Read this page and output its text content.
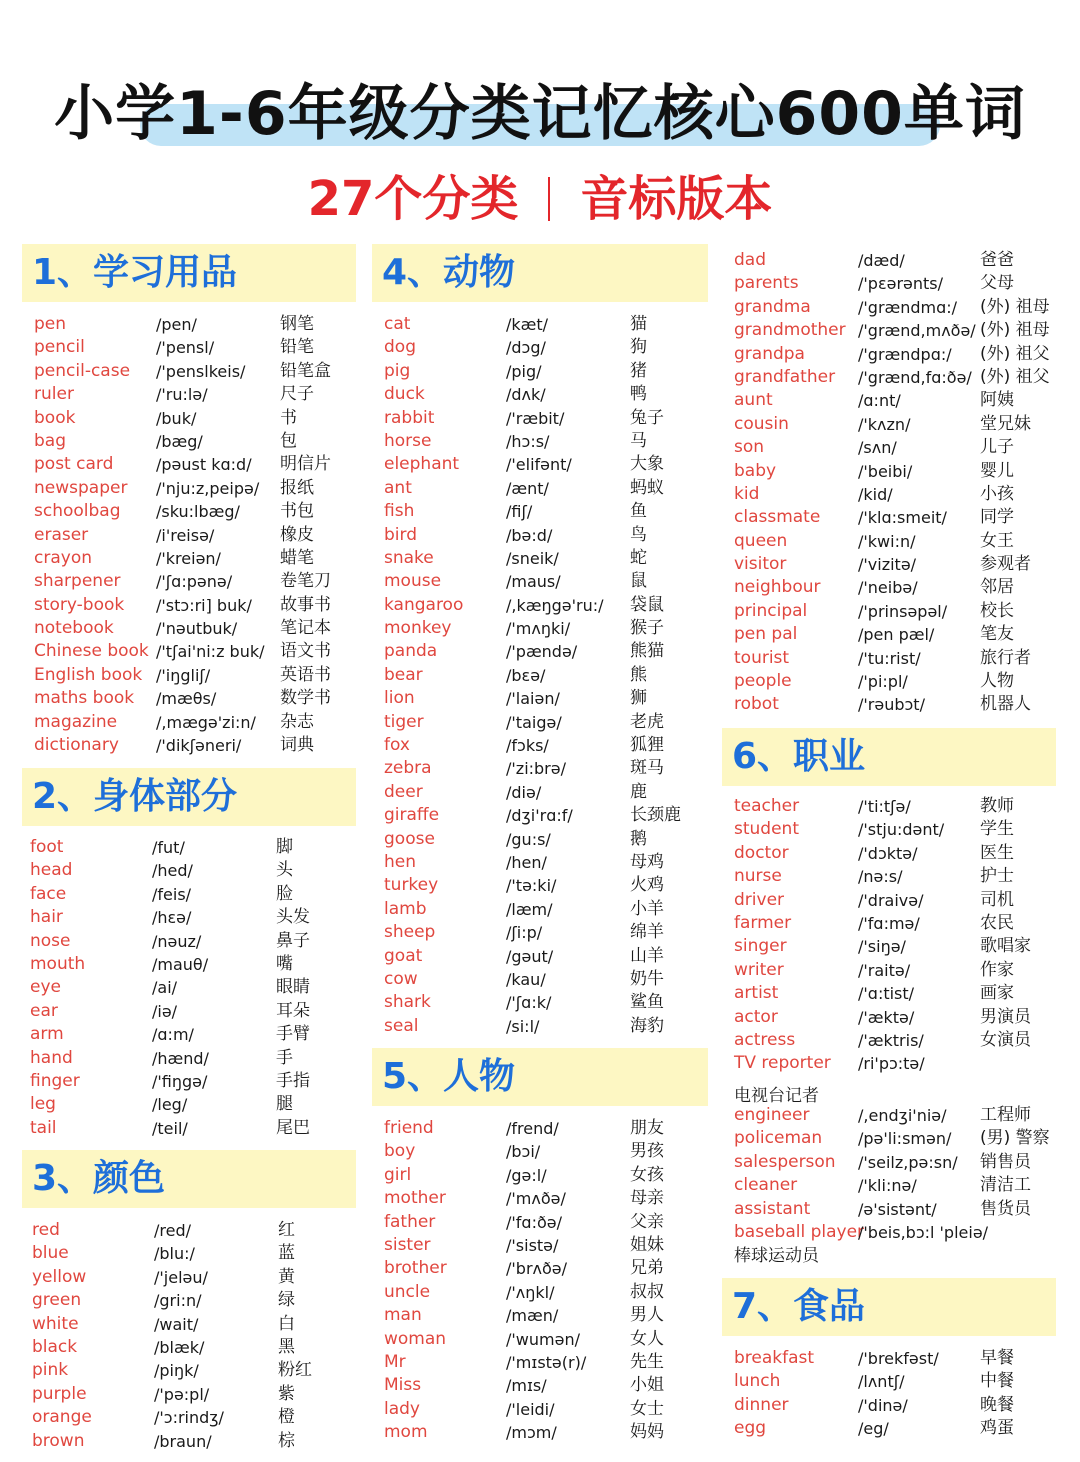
小学1-6年级分类记忆核心600单词
27个分类 音标版本
1、学习用品
pen	/pen/	钢笔
pencil	/'pensl/	铅笔
pencil-case /'penslkeis/ 铅笔盒
ruler	/'ru:lə/	尺子
book	/buk/	书
bag	/bæg/	包
post card	/pəust kɑ:d/ 明信片
newspaper /'nju:z,peipə/ 报纸
schoolbag /sku:lbæg/ 书包
eraser	/i'reisə/	橡皮
crayon	/'kreiən/	蜡笔
sharpener /'ʃɑ:pənə/	卷笔刀
story-book /'stɔ:ri] buk/ 故事书
notebook	/'nəutbuk/	笔记本
Chinese book /'tʃai'ni:z buk/ 语文书
English book /'iŋgliʃ/	英语书
maths book /mæθs/	数学书
magazine /,mægə'zi:n/ 杂志
dictionary /'dikʃəneri/ 词典
2、身体部分
foot	/fut/	脚
head	/hed/	头
face	/feis/	脸
hair	/hεə/	头发
nose	/nəuz/	鼻子
mouth	/mauθ/	嘴
eye	/ai/	眼睛
ear	/iə/	耳朵
arm	/ɑ:m/	手臂
hand	/hænd/	手
finger	/'fiŋgə/	手指
leg	/leg/	腿
tail	/teil/	尾巴
3、颜色
red	/red/	红
blue	/blu:/	蓝
yellow	/'jeləu/	黄
green	/gri:n/	绿
white	/wait/	白
black	/blæk/	黑
pink	/piŋk/	粉红
purple	/'pə:pl/	紫
orange	/'ɔ:rindʒ/	橙
brown	/braun/	棕
4、动物
cat	/kæt/	猫
dog	/dɔg/	狗
pig	/pig/	猪
duck	/dʌk/	鸭
rabbit	/'ræbit/	兔子
horse	/hɔ:s/	马
elephant	/'elifənt/	大象
ant	/ænt/	蚂蚁
fish	/fiʃ/	鱼
bird	/bə:d/	鸟
snake	/sneik/	蛇
mouse	/maus/	鼠
kangaroo	/,kæŋgə'ru:/ 袋鼠
monkey	/'mʌŋki/	猴子
panda	/'pændə/	熊猫
bear	/bεə/	熊
lion	/'laiən/	狮
tiger	/'taigə/	老虎
fox	/fɔks/	狐狸
zebra	/'zi:brə/	斑马
deer	/diə/	鹿
giraffe	/dʒi'rɑ:f/	长颈鹿
goose	/gu:s/	鹅
hen	/hen/	母鸡
turkey	/'tə:ki/	火鸡
lamb	/læm/	小羊
sheep	/ʃi:p/	绵羊
goat	/gəut/	山羊
cow	/kau/	奶牛
shark	/'ʃɑ:k/	鲨鱼
seal	/si:l/	海豹
5、人物
friend	/frend/	朋友
boy	/bɔi/	男孩
girl	/gə:l/	女孩
mother	/'mʌðə/	母亲
father	/'fɑ:ðə/	父亲
sister	/'sistə/	姐妹
brother	/'brʌðə/	兄弟
uncle	/'ʌŋkl/	叔叔
man	/mæn/	男人
woman	/'wumən/	女人
Mr	/'mɪstə(r)/	先生
Miss	/mɪs/	小姐
lady	/'leidi/	女士
mom	/mɔm/	妈妈
dad	/dæd/	爸爸
parents	/'pεərənts/ 父母
grandma	/'grændmɑ:/ (外) 祖母
grandmother /'grænd,mʌðə/ (外) 祖母
grandpa	/'grændpɑ:/ (外) 祖父
grandfather /'grænd,fɑ:ðə/ (外) 祖父
aunt	/ɑ:nt/	阿姨
cousin	/'kʌzn/	堂兄妹
son	/sʌn/	儿子
baby	/'beibi/	婴儿
kid	/kid/	小孩
classmate /'klɑ:smeit/ 同学
queen	/'kwi:n/	女王
visitor	/'vizitə/	参观者
neighbour /'neibə/	邻居
principal	/'prinsəpəl/ 校长
pen pal	/pen pæl/	笔友
tourist	/'tu:rist/	旅行者
people	/'pi:pl/	人物
robot	/'rəubɔt/	机器人
6、职业
teacher	/'ti:tʃə/	教师
student	/'stju:dənt/ 学生
doctor	/'dɔktə/	医生
nurse	/nə:s/	护士
driver	/'draivə/	司机
farmer	/'fɑ:mə/	农民
singer	/'siŋə/	歌唱家
writer	/'raitə/	作家
artist	/'ɑ:tist/	画家
actor	/'æktə/	男演员
actress	/'æktris/	女演员
TV reporter /ri'pɔ:tə/
电视台记者
engineer	/,endʒi'niə/ 工程师
policeman /pə'li:smən/ (男) 警察
salesperson /'seilz,pə:sn/ 销售员
cleaner	/'kli:nə/	清洁工
assistant	/ə'sistənt/	售货员
baseball player
/'beis,bɔ:l 'pleiə/
棒球运动员
7、食品
breakfast	/'brekfəst/ 早餐
lunch	/lʌntʃ/	中餐
dinner	/'dinə/	晚餐
egg	/eg/	鸡蛋
